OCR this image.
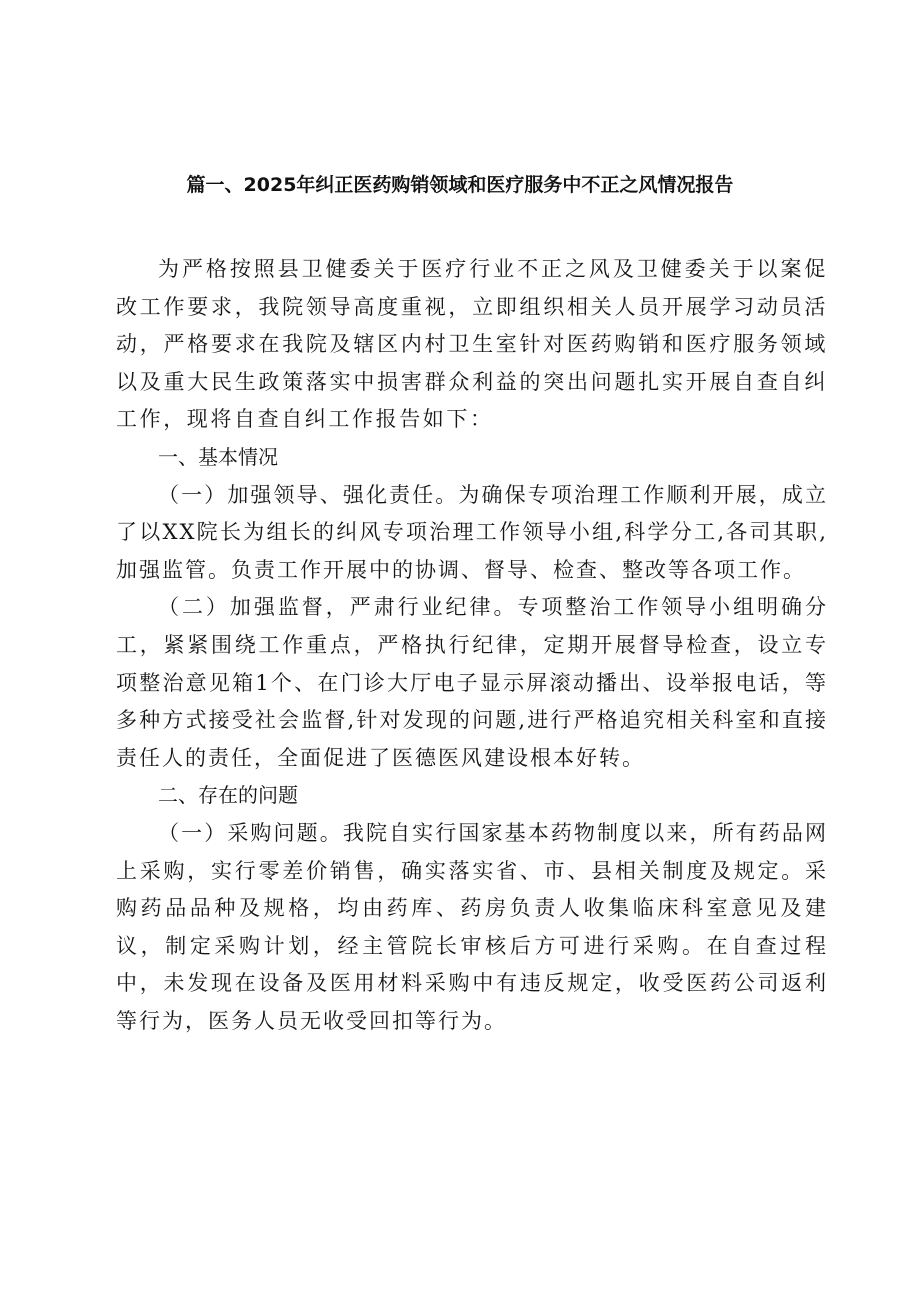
篇一、2025年纠正医药购销领域和医疗服务中不正之风情况报告

为严格按照县卫健委关于医疗行业不正之风及卫健委关于以案促改工作要求，我院领导高度重视，立即组织相关人员开展学习动员活动，严格要求在我院及辖区内村卫生室针对医药购销和医疗服务领域以及重大民生政策落实中损害群众利益的突出问题扎实开展自查自纠工作，现将自查自纠工作报告如下：

一、基本情况

（一）加强领导、强化责任。为确保专项治理工作顺利开展，成立了以XX院长为组长的纠风专项治理工作领导小组,科学分工,各司其职,加强监管。负责工作开展中的协调、督导、检查、整改等各项工作。

（二）加强监督，严肃行业纪律。专项整治工作领导小组明确分工，紧紧围绕工作重点，严格执行纪律，定期开展督导检查，设立专项整治意见箱1个、在门诊大厅电子显示屏滚动播出、设举报电话，等多种方式接受社会监督,针对发现的问题,进行严格追究相关科室和直接责任人的责任，全面促进了医德医风建设根本好转。

二、存在的问题

（一）采购问题。我院自实行国家基本药物制度以来，所有药品网上采购，实行零差价销售，确实落实省、市、县相关制度及规定。采购药品品种及规格，均由药库、药房负责人收集临床科室意见及建议，制定采购计划，经主管院长审核后方可进行采购。在自查过程中，未发现在设备及医用材料采购中有违反规定，收受医药公司返利等行为，医务人员无收受回扣等行为。
